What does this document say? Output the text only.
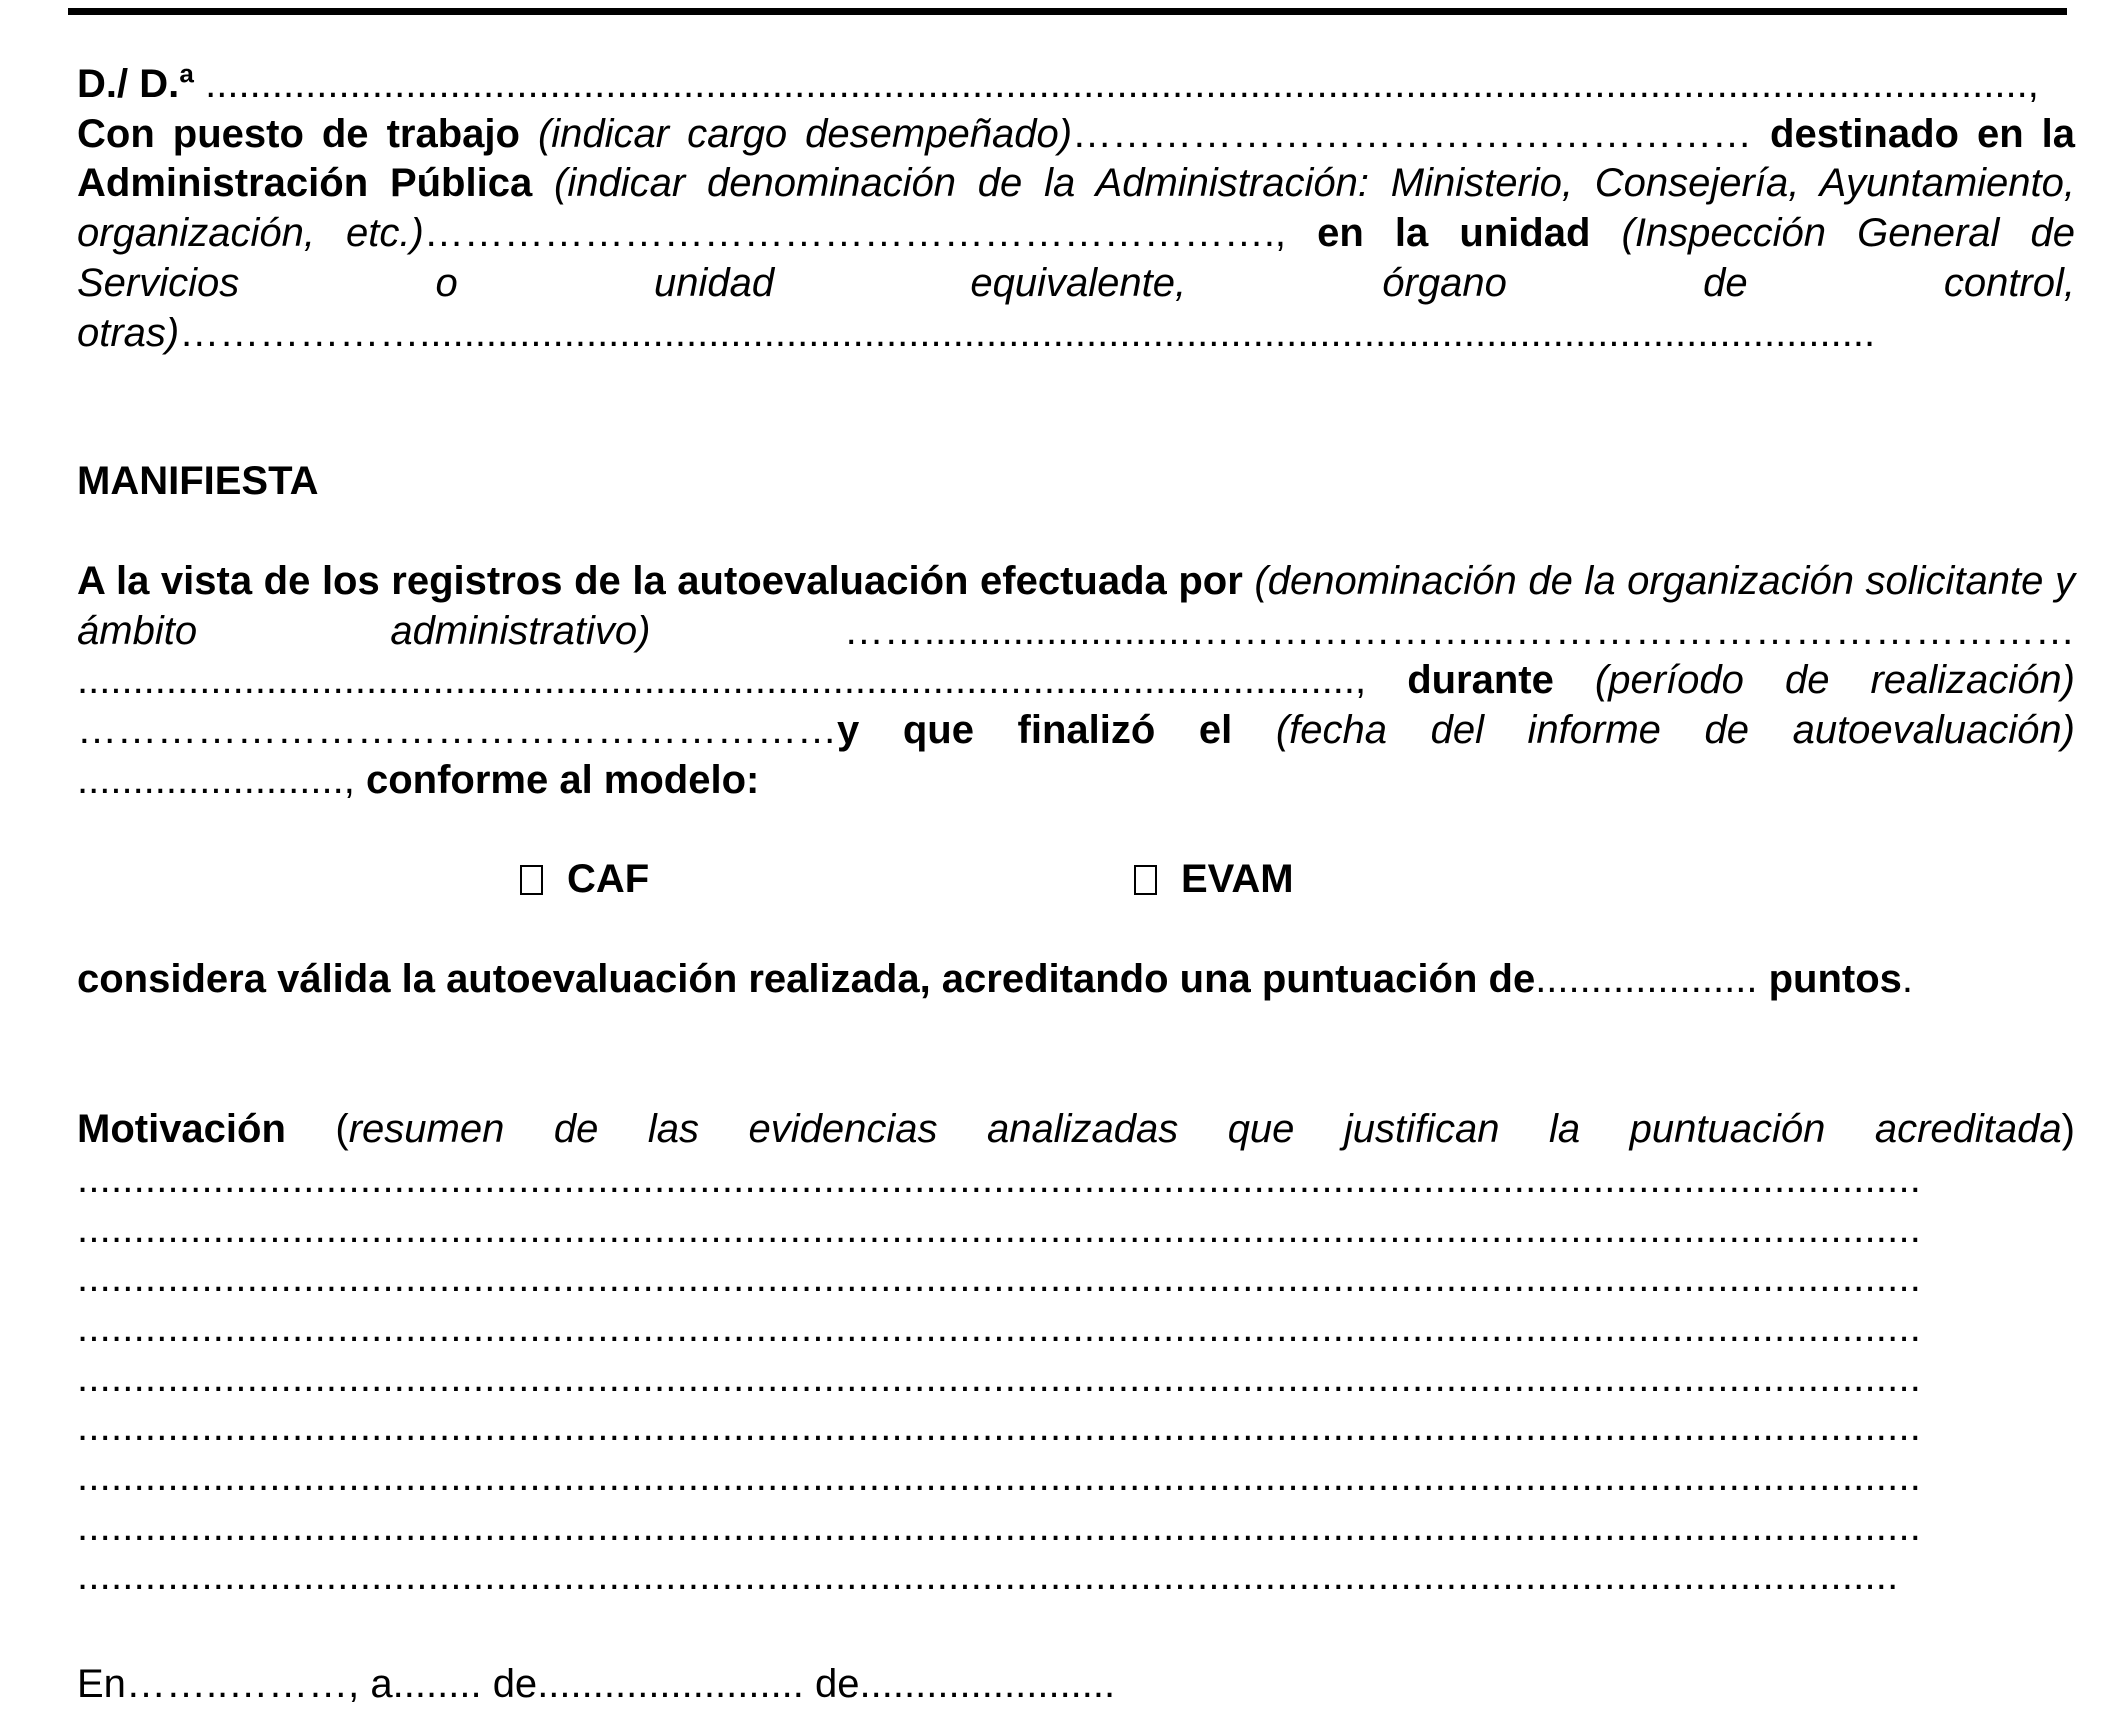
D./ D.ª ....................................................................................................................................................................,

Con puesto de trabajo (indicar cargo desempeñado)…………………………………………… destinado en la Administración Pública (indicar denominación de la Administración: Ministerio, Consejería, Ayuntamiento, organización, etc.)………………………………………………………., en la unidad (Inspección General de Servicios o unidad equivalente, órgano de control, otras)………………...................................................................................................................................

MANIFIESTA

A la vista de los registros de la autoevaluación efectuada por (denominación de la organización solicitante y ámbito administrativo)	……........................…………………....…………………………………… ..................................................................................................................., durante (período de realización) …………………………………………………y que finalizó el (fecha del informe de autoevaluación) ........................, conforme al modelo:

CAF	EVAM

considera válida la autoevaluación realizada, acreditando una puntuación de.................... puntos.

Motivación (resumen de las evidencias analizadas que justifican la puntuación acreditada)

...................................................................................................................................................................

...................................................................................................................................................................

...................................................................................................................................................................

...................................................................................................................................................................

...................................................................................................................................................................

...................................................................................................................................................................

...................................................................................................................................................................

...................................................................................................................................................................

.................................................................................................................................................................

En……..………, a........ de........................ de.......................
